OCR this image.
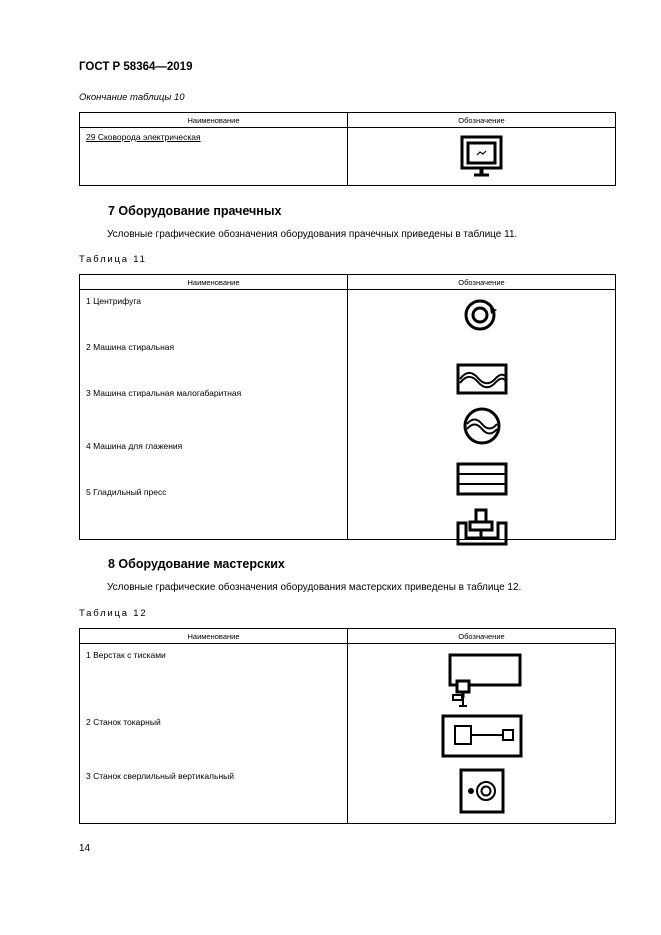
ГОСТ Р 58364—2019
Окончание таблицы 10
Наименование	Обозначение

29 Сковорода электрическая

7 Оборудование прачечных
Условные графические обозначения оборудования прачечных приведены в таблице 11.
Таблица 11
Наименование	Обозначение

1 Центрифуга
2 Машина стиральная
3 Машина стиральная малогабаритная
4 Машина для глажения
5 Гладильный пресс

8 Оборудование мастерских
Условные графические обозначения оборудования мастерских приведены в таблице 12.
Таблица 12
Наименование	Обозначение

1 Верстак с тисками
2 Станок токарный
3 Станок сверлильный вертикальный

14
